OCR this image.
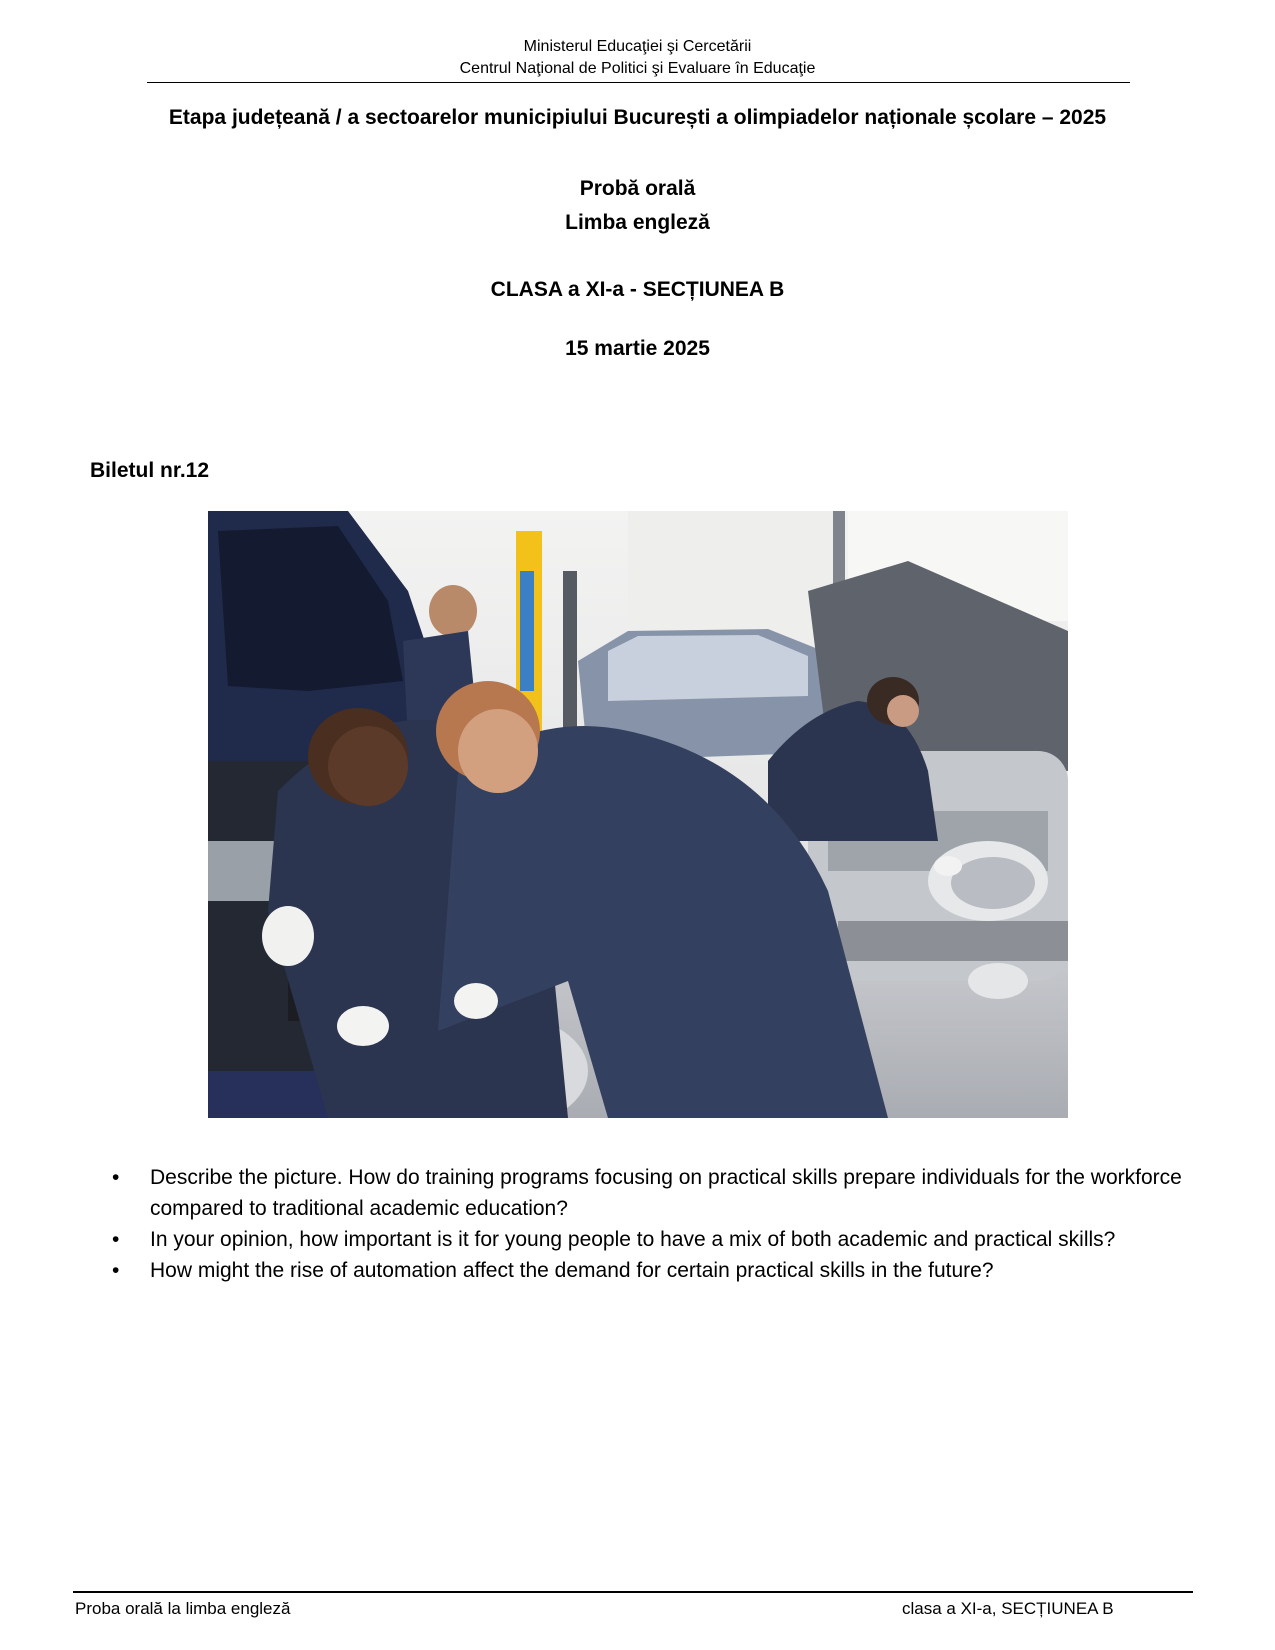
Ministerul Educaţiei şi Cercetării
Centrul Naţional de Politici şi Evaluare în Educaţie
Etapa județeană / a sectoarelor municipiului București a olimpiadelor naționale școlare – 2025
Probă orală
Limba engleză
CLASA a XI-a - SECȚIUNEA B
15 martie 2025
Biletul nr.12
• Describe the picture. How do training programs focusing on practical skills prepare individuals for the workforce compared to traditional academic education?
• In your opinion, how important is it for young people to have a mix of both academic and practical skills?
• How might the rise of automation affect the demand for certain practical skills in the future?
Proba orală la limba engleză	clasa a XI-a, SECȚIUNEA B
